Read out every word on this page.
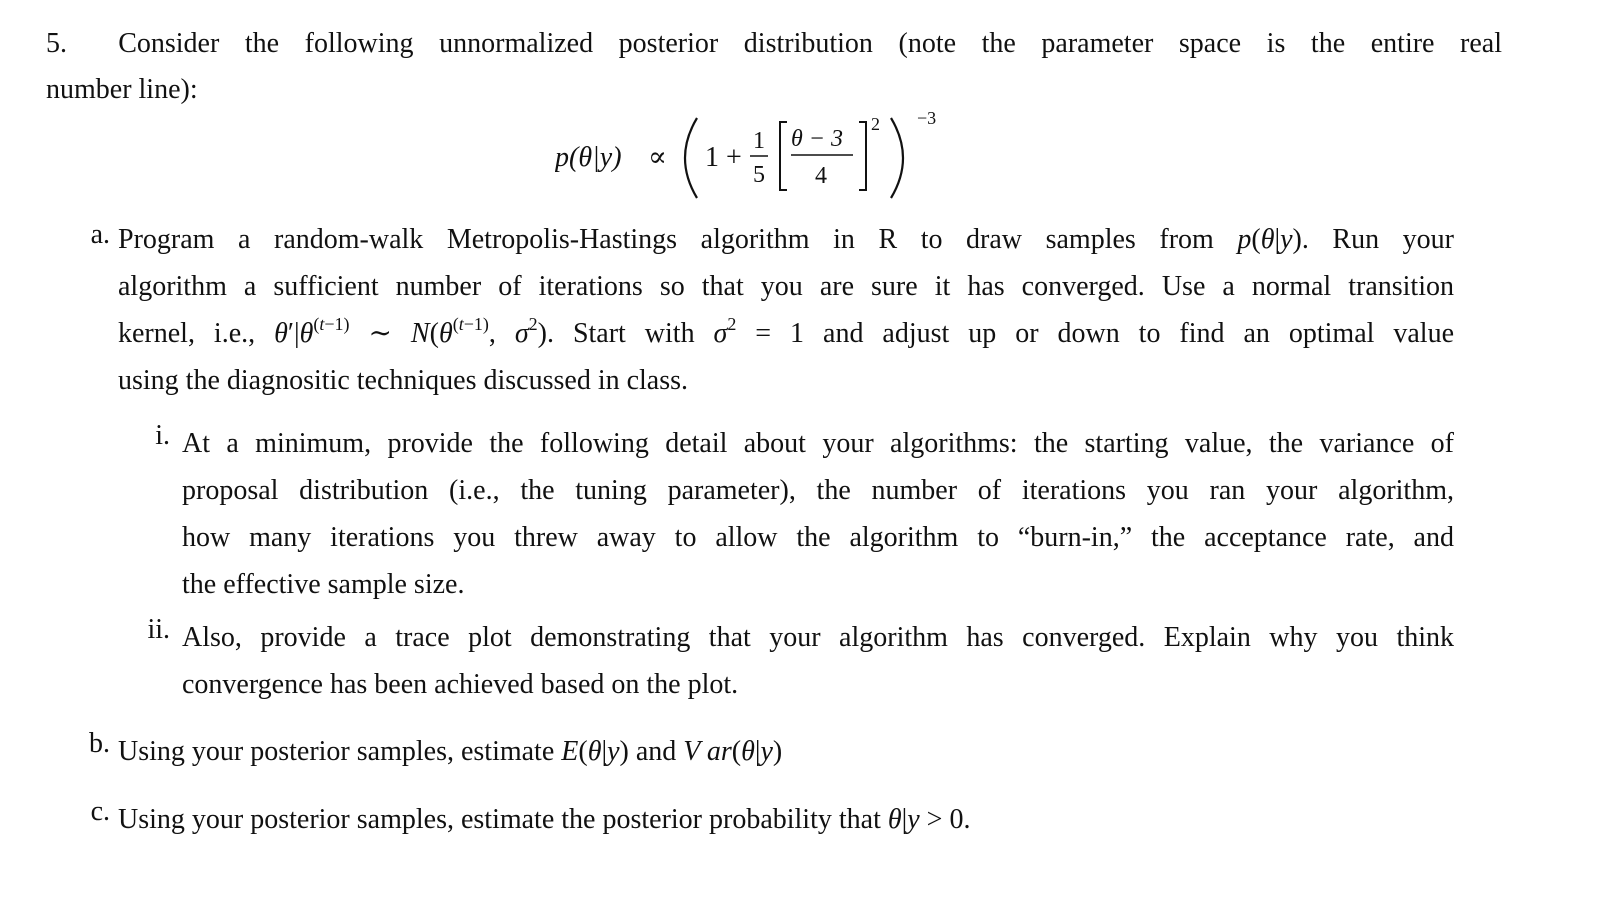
5. Consider the following unnormalized posterior distribution (note the parameter space is the entire real
number line):
p(θ|y) ∝ 1 +
1
5
θ − 3
4
2 −3
a. Program a random-walk Metropolis-Hastings algorithm in R to draw samples from p(θ|y). Run your
algorithm a sufficient number of iterations so that you are sure it has converged. Use a normal transition
kernel, i.e., $\theta'|\theta^{(t-1)}$ ∼ $N(\theta^{(t-1)}$, $\sigma^2$). Start with $\sigma^2 = 1$ and adjust up or down to find an optimal value
using the diagnositic techniques discussed in class.
i. At a minimum, provide the following detail about your algorithms: the starting value, the variance of
proposal distribution (i.e., the tuning parameter), the number of iterations you ran your algorithm,
how many iterations you threw away to allow the algorithm to “burn-in,” the acceptance rate, and
the effective sample size.
ii. Also, provide a trace plot demonstrating that your algorithm has converged. Explain why you think
convergence has been achieved based on the plot.
b. Using your posterior samples, estimate E(θ|y) and V ar(θ|y)
c. Using your posterior samples, estimate the posterior probability that θ|y > 0.
